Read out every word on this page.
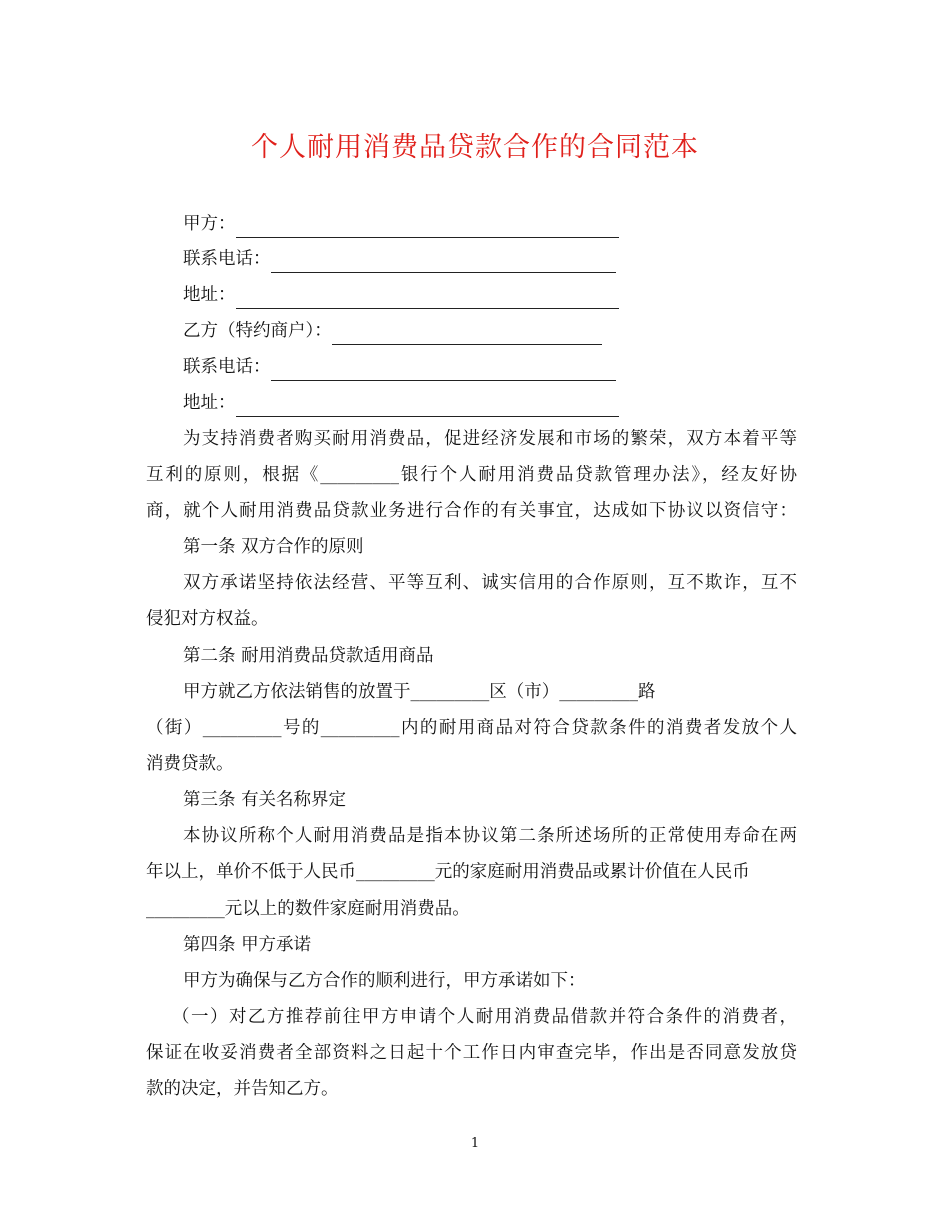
个人耐用消费品贷款合作的合同范本
甲方：
联系电话：
地址：
乙方（特约商户）：
联系电话：
地址：
为支持消费者购买耐用消费品，促进经济发展和市场的繁荣，双方本着平等
互利的原则，根据《_________银行个人耐用消费品贷款管理办法》，经友好协
商，就个人耐用消费品贷款业务进行合作的有关事宜，达成如下协议以资信守：
第一条 双方合作的原则
双方承诺坚持依法经营、平等互利、诚实信用的合作原则，互不欺诈，互不
侵犯对方权益。
第二条 耐用消费品贷款适用商品
甲方就乙方依法销售的放置于_________区（市）_________路
（街）_________号的_________内的耐用商品对符合贷款条件的消费者发放个人
消费贷款。
第三条 有关名称界定
本协议所称个人耐用消费品是指本协议第二条所述场所的正常使用寿命在两
年以上，单价不低于人民币_________元的家庭耐用消费品或累计价值在人民币
_________元以上的数件家庭耐用消费品。
第四条 甲方承诺
甲方为确保与乙方合作的顺利进行，甲方承诺如下：
（一）对乙方推荐前往甲方申请个人耐用消费品借款并符合条件的消费者，
保证在收妥消费者全部资料之日起十个工作日内审查完毕，作出是否同意发放贷
款的决定，并告知乙方。
1
